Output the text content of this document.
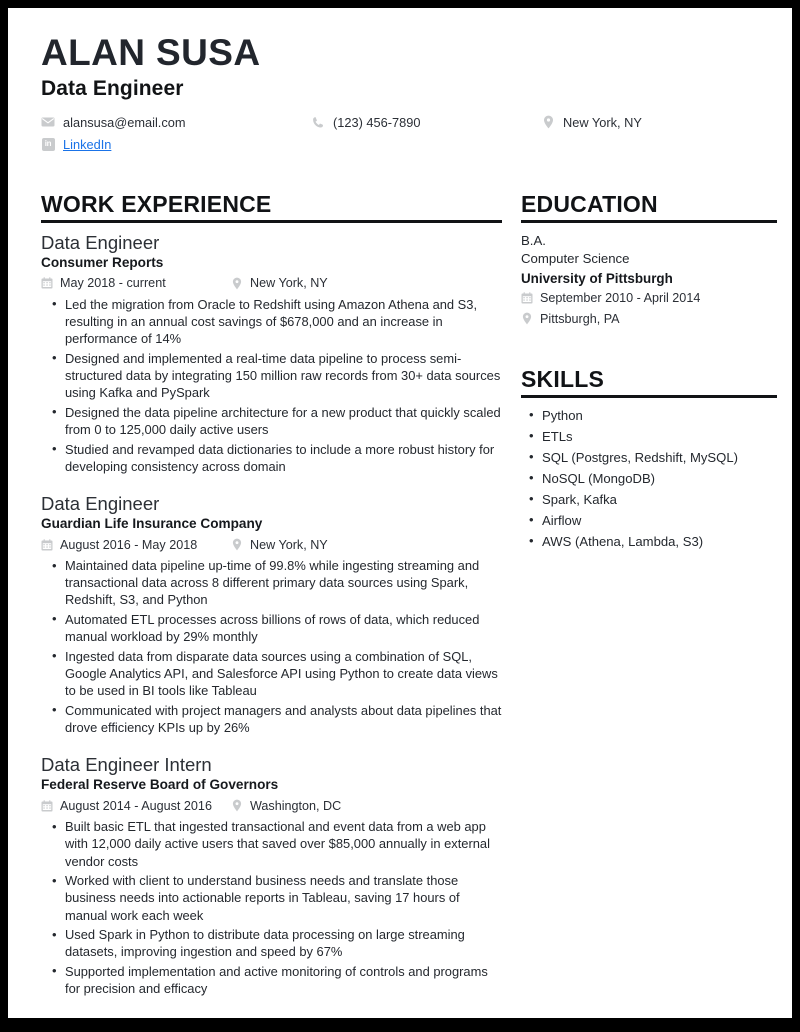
ALAN SUSA
Data Engineer
alansusa@email.com	(123) 456-7890	New York, NY
in LinkedIn
WORK EXPERIENCE
Data Engineer
Consumer Reports
May 2018 - current	New York, NY
• Led the migration from Oracle to Redshift using Amazon Athena and S3, resulting in an annual cost savings of $678,000 and an increase in performance of 14%
• Designed and implemented a real-time data pipeline to process semi-structured data by integrating 150 million raw records from 30+ data sources using Kafka and PySpark
• Designed the data pipeline architecture for a new product that quickly scaled from 0 to 125,000 daily active users
• Studied and revamped data dictionaries to include a more robust history for developing consistency across domain
Data Engineer
Guardian Life Insurance Company
August 2016 - May 2018	New York, NY
• Maintained data pipeline up-time of 99.8% while ingesting streaming and transactional data across 8 different primary data sources using Spark, Redshift, S3, and Python
• Automated ETL processes across billions of rows of data, which reduced manual workload by 29% monthly
• Ingested data from disparate data sources using a combination of SQL, Google Analytics API, and Salesforce API using Python to create data views to be used in BI tools like Tableau
• Communicated with project managers and analysts about data pipelines that drove efficiency KPIs up by 26%
Data Engineer Intern
Federal Reserve Board of Governors
August 2014 - August 2016	Washington, DC
• Built basic ETL that ingested transactional and event data from a web app with 12,000 daily active users that saved over $85,000 annually in external vendor costs
• Worked with client to understand business needs and translate those business needs into actionable reports in Tableau, saving 17 hours of manual work each week
• Used Spark in Python to distribute data processing on large streaming datasets, improving ingestion and speed by 67%
• Supported implementation and active monitoring of controls and programs for precision and efficacy
EDUCATION
B.A.
Computer Science
University of Pittsburgh
September 2010 - April 2014
Pittsburgh, PA
SKILLS
• Python
• ETLs
• SQL (Postgres, Redshift, MySQL)
• NoSQL (MongoDB)
• Spark, Kafka
• Airflow
• AWS (Athena, Lambda, S3)
